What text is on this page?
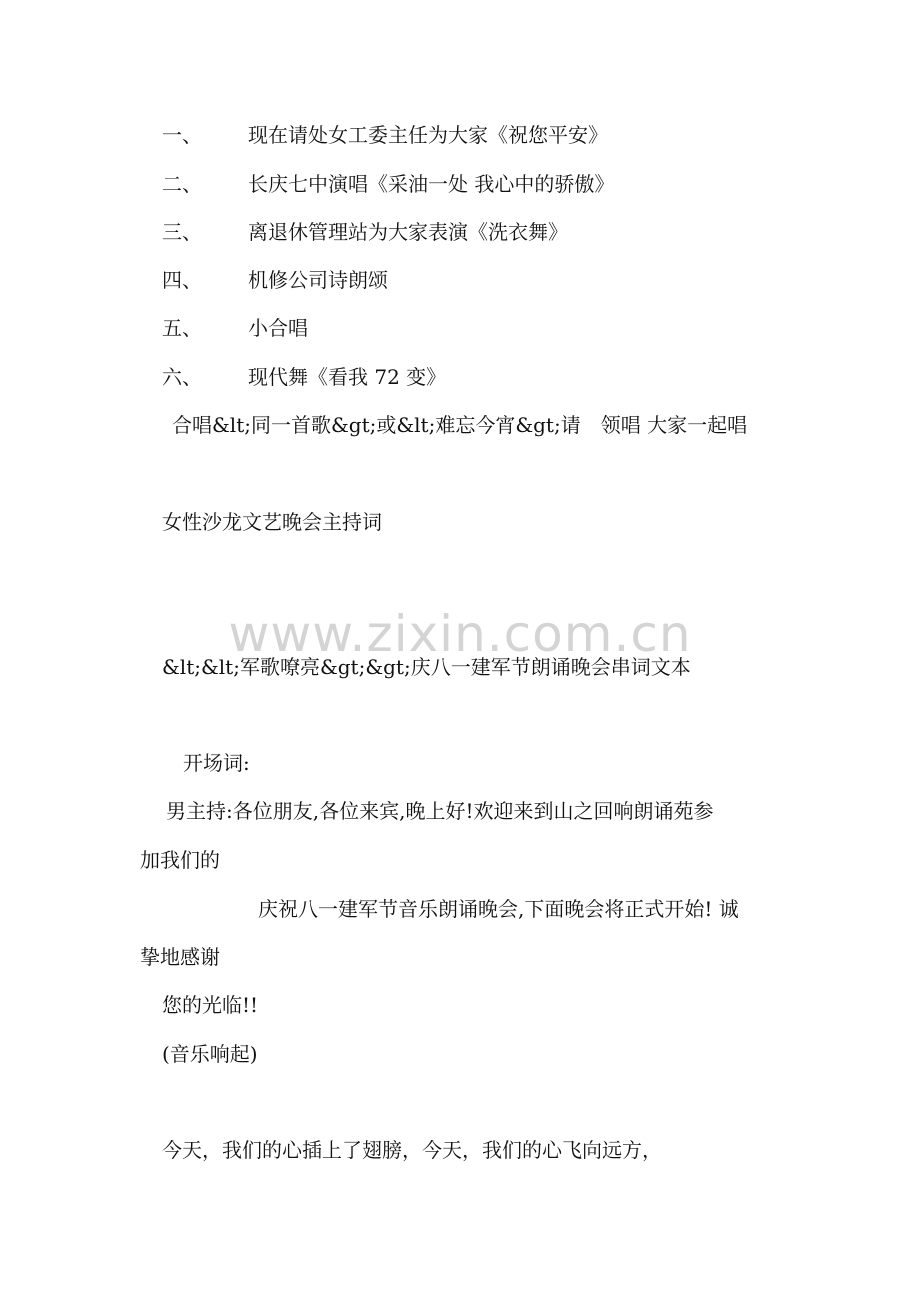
一、 现在请处女工委主任为大家《祝您平安》
二、 长庆七中演唱《采油一处 我心中的骄傲》
三、 离退休管理站为大家表演《洗衣舞》
四、 机修公司诗朗颂
五、 小合唱
六、 现代舞《看我 72 变》
合唱&lt;同一首歌&gt;或&lt;难忘今宵&gt;请　领唱 大家一起唱
女性沙龙文艺晚会主持词
www.zixin.com.cn
&lt;&lt;军歌嘹亮&gt;&gt;庆八一建军节朗诵晚会串词文本
开场词:
男主持:各位朋友,各位来宾,晚上好!欢迎来到山之回响朗诵苑参
加我们的
庆祝八一建军节音乐朗诵晚会,下面晚会将正式开始! 诚
挚地感谢
您的光临!!
(音乐响起)
今天，我们的心插上了翅膀，今天，我们的心飞向远方，
